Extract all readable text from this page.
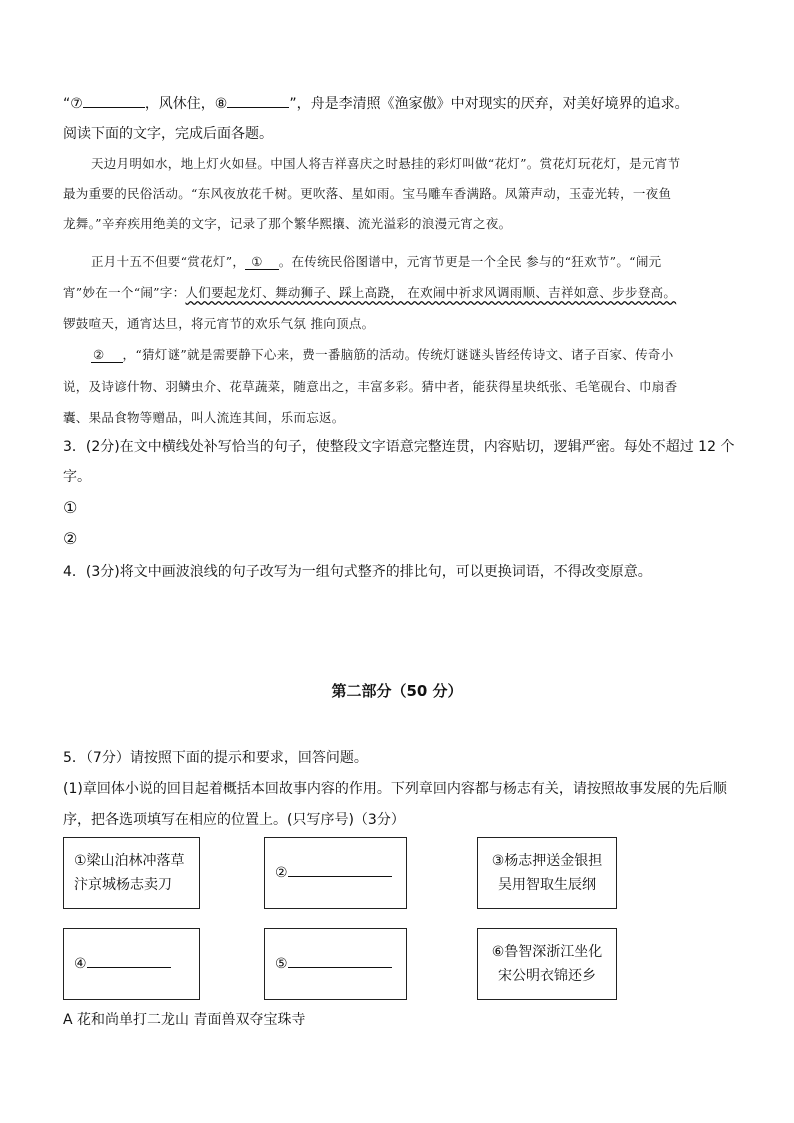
“⑦	，风休住，⑧	”，舟是李清照《渔家傲》中对现实的厌弃，对美好境界的追求。
阅读下面的文字，完成后面各题。
天边月明如水，地上灯火如昼。中国人将吉祥喜庆之时悬挂的彩灯叫做“花灯”。赏花灯玩花灯，是元宵节
最为重要的民俗活动。“东风夜放花千树。更吹落、星如雨。宝马雕车香满路。凤箫声动，玉壶光转，一夜鱼
龙舞。”辛弃疾用绝美的文字，记录了那个繁华熙攘、流光溢彩的浪漫元宵之夜。
正月十五不但要“赏花灯”， ① 。在传统民俗图谱中，元宵节更是一个全民 参与的“狂欢节”。“闹元
宵”妙在一个“闹”字：人们要起龙灯、舞动狮子、踩上高跷， 在欢闹中祈求风调雨顺、吉祥如意、步步登高。
锣鼓喧天，通宵达旦，将元宵节的欢乐气氛 推向顶点。
② ，“猜灯谜”就是需要静下心来，费一番脑筋的活动。传统灯谜谜头皆经传诗文、诸子百家、传奇小
说，及诗谚什物、羽鳞虫介、花草蔬菜，随意出之，丰富多彩。猜中者，能获得星块纸张、毛笔砚台、巾扇香
囊、果品食物等赠品，叫人流连其间，乐而忘返。
3．(2分)在文中横线处补写恰当的句子，使整段文字语意完整连贯，内容贴切，逻辑严密。每处不超过 12 个
字。
①
②
4．(3分)将文中画波浪线的句子改写为一组句式整齐的排比句，可以更换词语，不得改变原意。
第二部分（50 分）
5．（7分）请按照下面的提示和要求，回答问题。
(1)章回体小说的回目起着概括本回故事内容的作用。下列章回内容都与杨志有关，请按照故事发展的先后顺
序，把各选项填写在相应的位置上。(只写序号)（3分）
①梁山泊林冲落草
汴京城杨志卖刀
②
③杨志押送金银担
吴用智取生辰纲
④	⑤
⑥鲁智深浙江坐化
宋公明衣锦还乡
A 花和尚单打二龙山 青面兽双夺宝珠寺
